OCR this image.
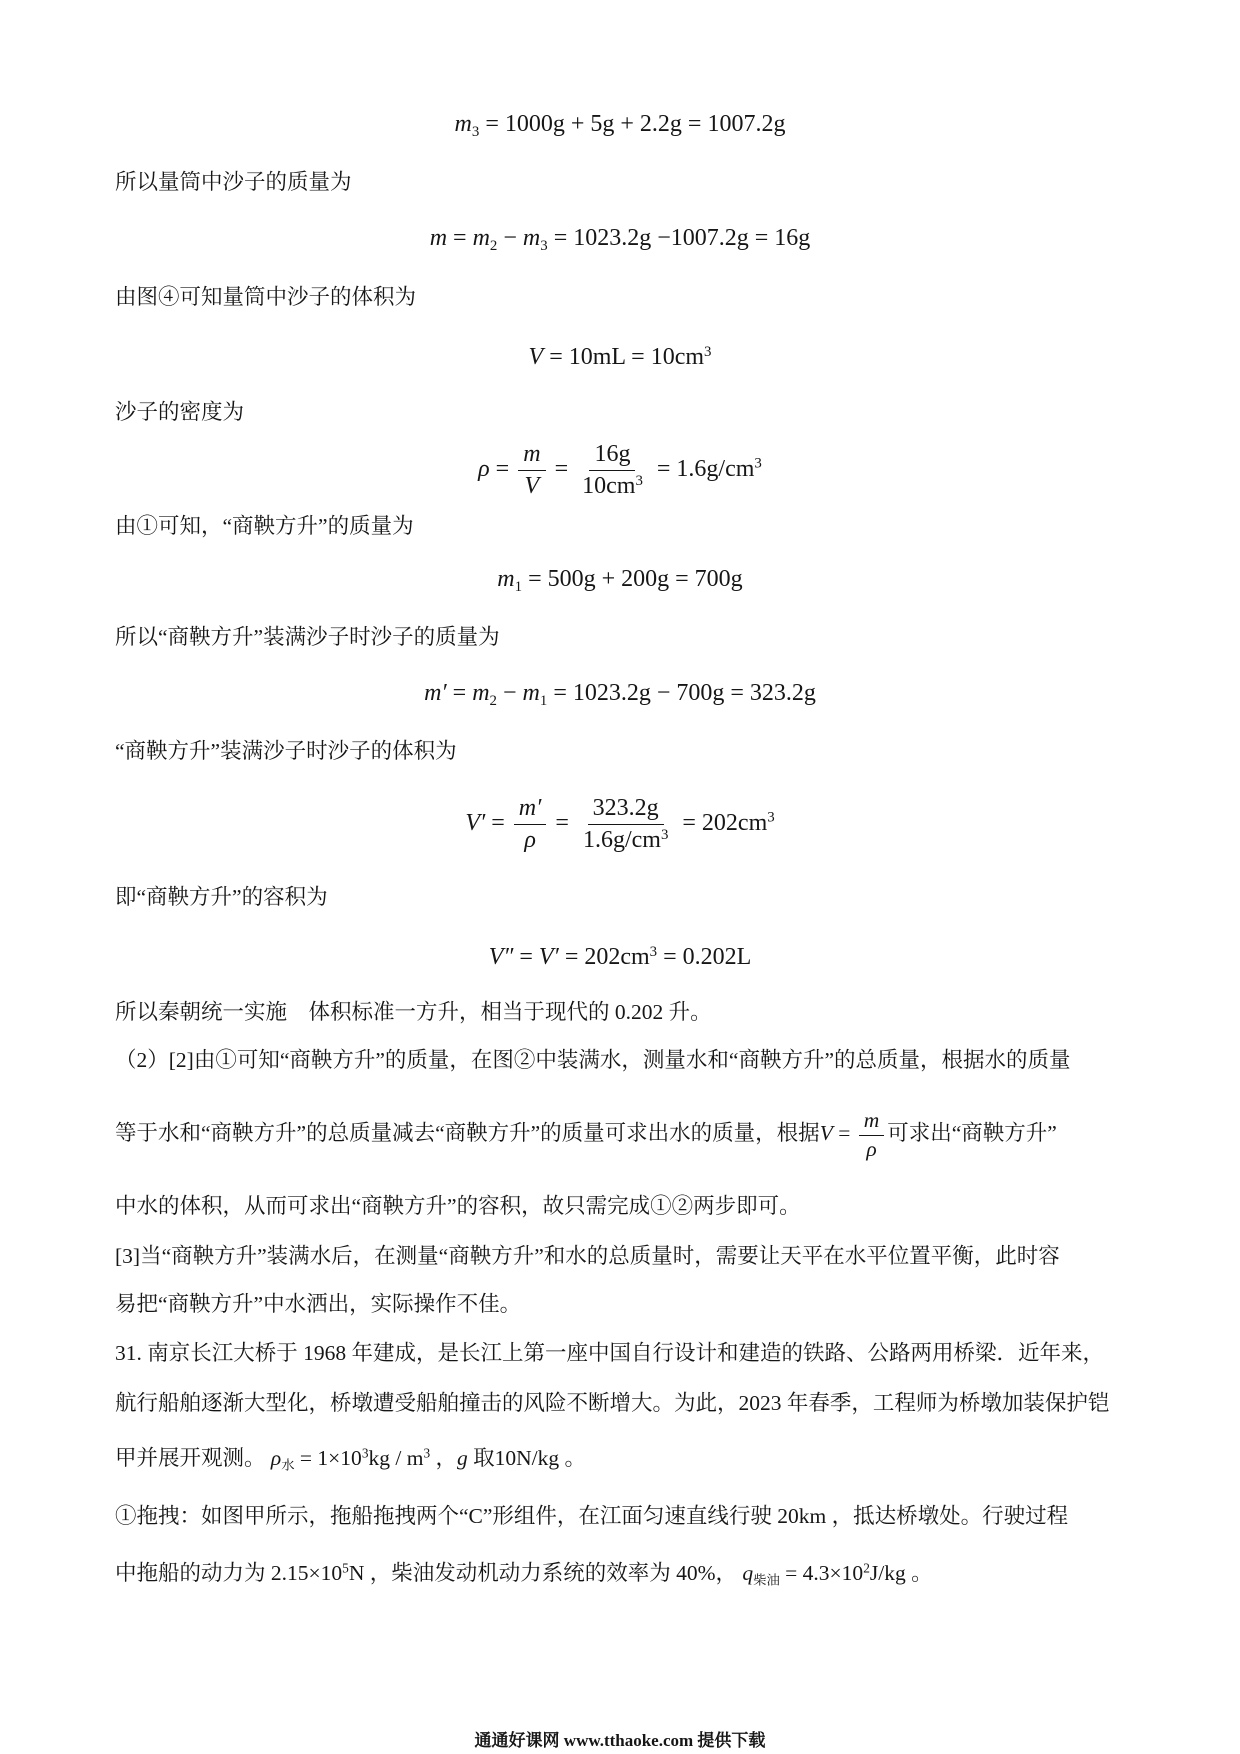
$m_3 = 1000g + 5g + 2.2g = 1007.2g$
所以量筒中沙子的质量为
$m = m_2 - m_3 = 1023.2g -1007.2g = 16g$
由图④可知量筒中沙子的体积为
$V = 10mL = 10cm^3$
沙子的密度为
$\rho = \frac{m}{V} = \frac{16g}{10cm^3} = 1.6g/cm^3$
由①可知，“商鞅方升”的质量为
$m_1 = 500g + 200g = 700g$
所以“商鞅方升”装满沙子时沙子的质量为
$m' = m_2 - m_1 = 1023.2g - 700g = 323.2g$
“商鞅方升”装满沙子时沙子的体积为
$V' = \frac{m'}{\rho} = \frac{323.2g}{1.6g/cm^3} = 202cm^3$
即“商鞅方升”的容积为
$V'' = V' = 202cm^3 = 0.202L$
所以秦朝统一实施　体积标准一方升，相当于现代的 0.202 升。
（2）[2]由①可知“商鞅方升”的质量，在图②中装满水，测量水和“商鞅方升”的总质量，根据水的质量
等于水和“商鞅方升”的总质量减去“商鞅方升”的质量可求出水的质量，根据$V = \frac{m}{\rho}$ 可求出“商鞅方升”
中水的体积，从而可求出“商鞅方升”的容积，故只需完成①②两步即可。
[3]当“商鞅方升”装满水后，在测量“商鞅方升”和水的总质量时，需要让天平在水平位置平衡，此时容
易把“商鞅方升”中水洒出，实际操作不佳。
31. 南京长江大桥于 1968 年建成，是长江上第一座中国自行设计和建造的铁路、公路两用桥梁．近年来，
航行船舶逐渐大型化，桥墩遭受船舶撞击的风险不断增大。为此，2023 年春季，工程师为桥墩加装保护铠
甲并展开观测。 $\rho_水 = 1\times 10^3kg / m^3$ ，g 取10N/kg 。
①拖拽：如图甲所示，拖船拖拽两个“C”形组件，在江面匀速直线行驶 20km ，抵达桥墩处。行驶过程
中拖船的动力为 $2.15\times 10^5N$ ，柴油发动机动力系统的效率为 40%， $q_{柴油} = 4.3\times 10^2J/kg$ 。
通通好课网 www.tthaoke.com 提供下载
